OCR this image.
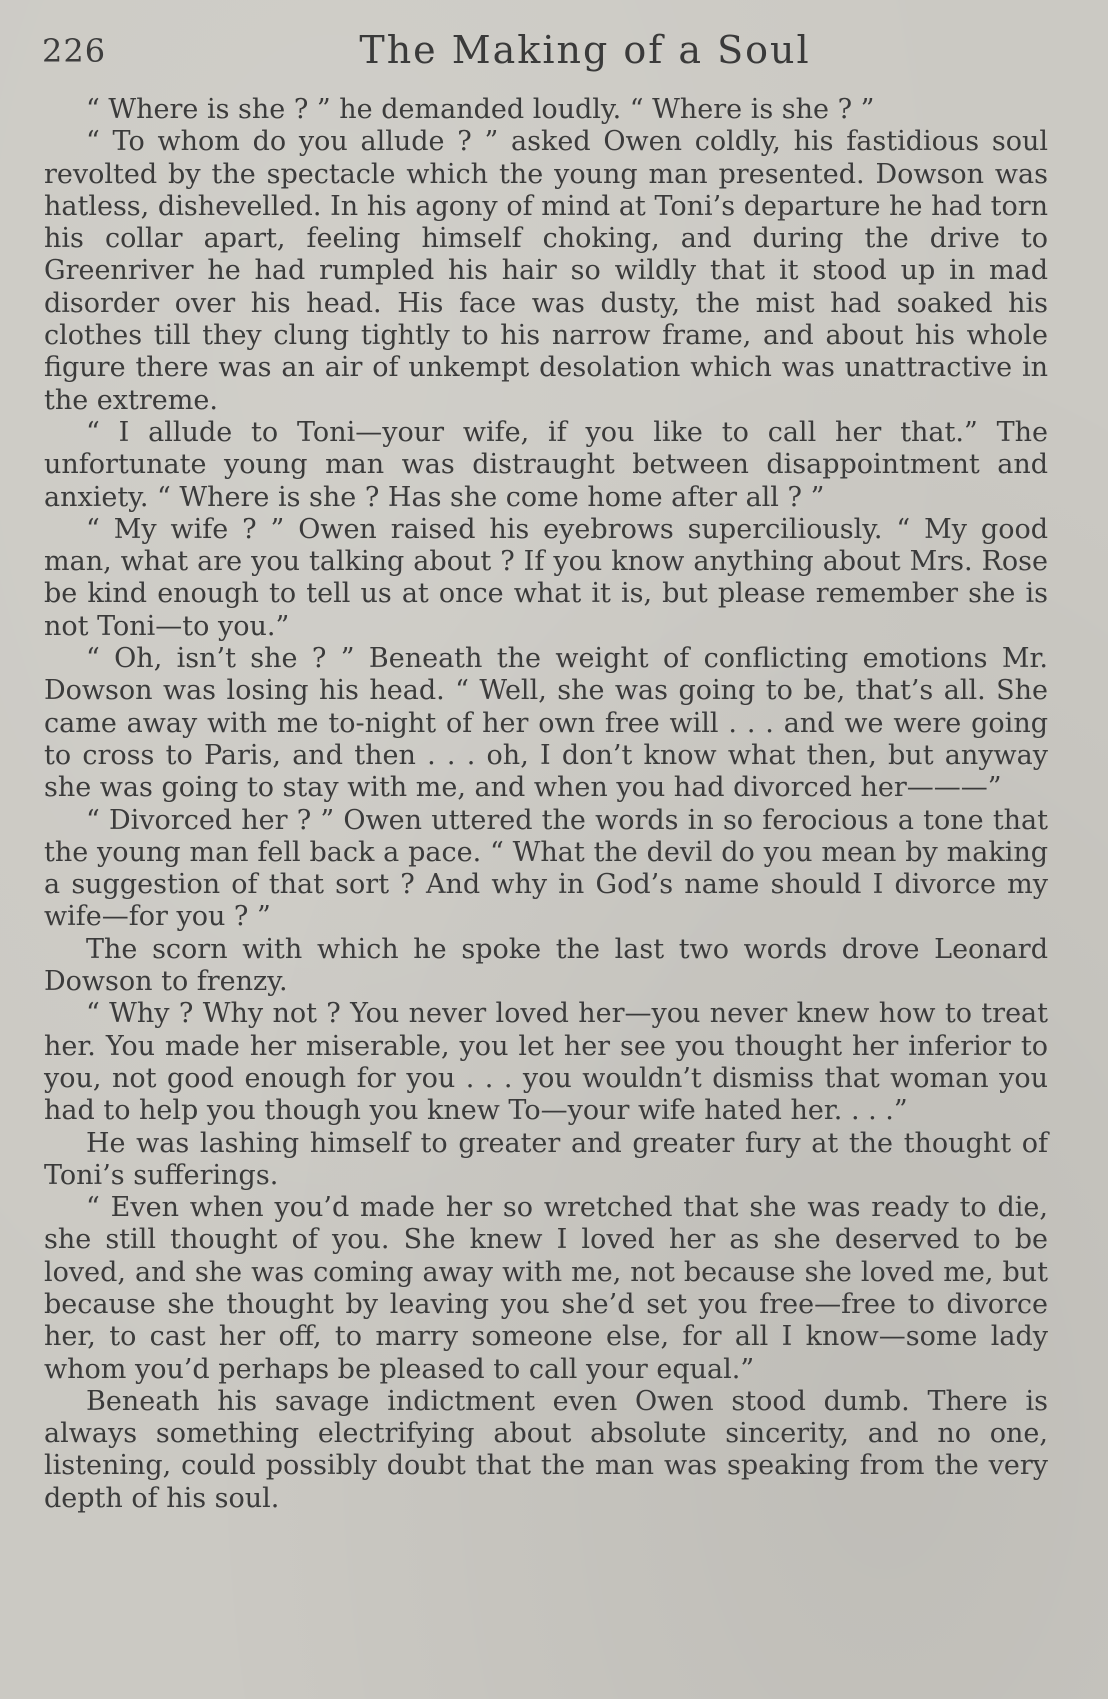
226	The Making of a Soul

“ Where is she ? ” he demanded loudly. “ Where is she ? ”

“ To whom do you allude ? ” asked Owen coldly, his fastidious soul revolted by the spectacle which the young man presented. Dowson was hatless, dishevelled. In his agony of mind at Toni’s departure he had torn his collar apart, feeling himself choking, and during the drive to Greenriver he had rumpled his hair so wildly that it stood up in mad disorder over his head. His face was dusty, the mist had soaked his clothes till they clung tightly to his narrow frame, and about his whole figure there was an air of unkempt desolation which was unattractive in the extreme.

“ I allude to Toni—your wife, if you like to call her that.” The unfortunate young man was distraught between disappointment and anxiety. “ Where is she ? Has she come home after all ? ”

“ My wife ? ” Owen raised his eyebrows superciliously. “ My good man, what are you talking about ? If you know anything about Mrs. Rose be kind enough to tell us at once what it is, but please remember she is not Toni—to you.”

“ Oh, isn’t she ? ” Beneath the weight of conflicting emotions Mr. Dowson was losing his head. “ Well, she was going to be, that’s all. She came away with me to-night of her own free will . . . and we were going to cross to Paris, and then . . . oh, I don’t know what then, but anyway she was going to stay with me, and when you had divorced her———”

“ Divorced her ? ” Owen uttered the words in so ferocious a tone that the young man fell back a pace. “ What the devil do you mean by making a suggestion of that sort ? And why in God’s name should I divorce my wife—for you ? ”

The scorn with which he spoke the last two words drove Leonard Dowson to frenzy.

“ Why ? Why not ? You never loved her—you never knew how to treat her. You made her miserable, you let her see you thought her inferior to you, not good enough for you . . . you wouldn’t dismiss that woman you had to help you though you knew To—your wife hated her. . . .”

He was lashing himself to greater and greater fury at the thought of Toni’s sufferings.

“ Even when you’d made her so wretched that she was ready to die, she still thought of you. She knew I loved her as she deserved to be loved, and she was coming away with me, not because she loved me, but because she thought by leaving you she’d set you free—free to divorce her, to cast her off, to marry someone else, for all I know—some lady whom you’d perhaps be pleased to call your equal.”

Beneath his savage indictment even Owen stood dumb. There is always something electrifying about absolute sincerity, and no one, listening, could possibly doubt that the man was speaking from the very depth of his soul.
